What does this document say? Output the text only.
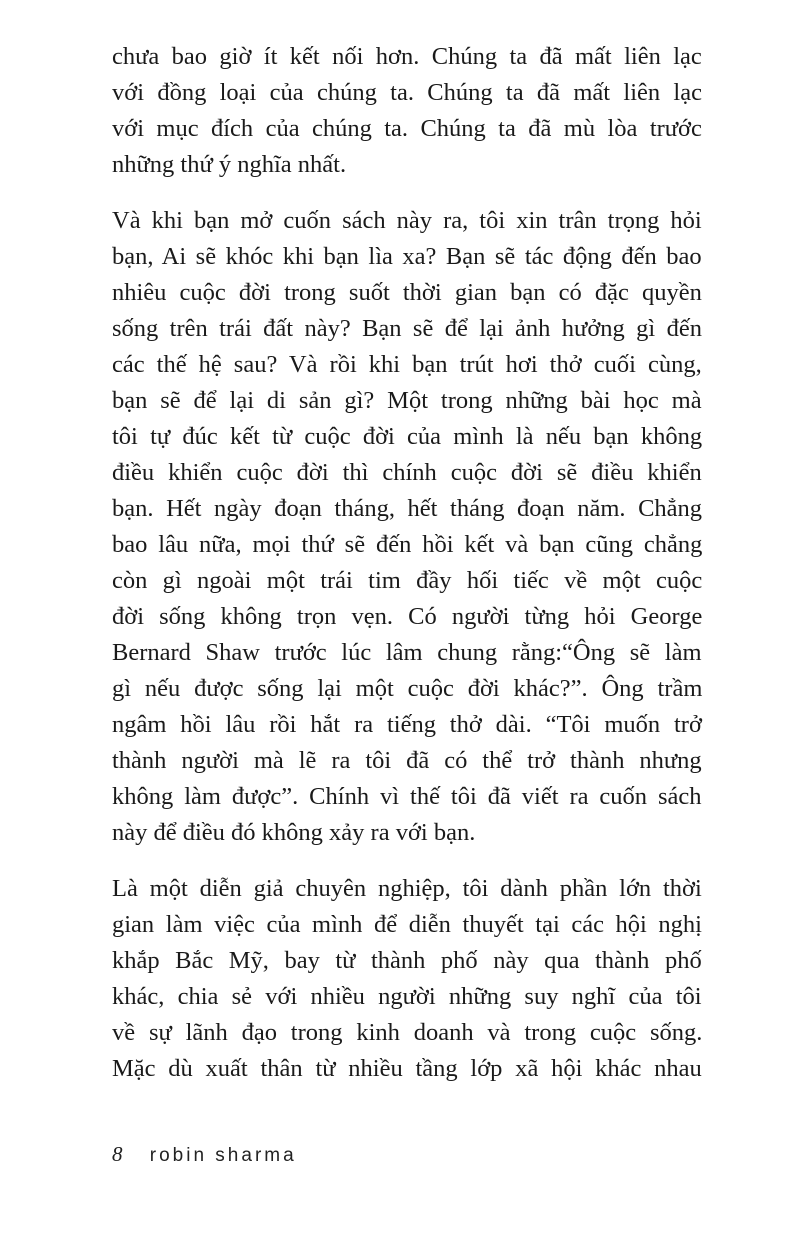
chưa bao giờ ít kết nối hơn. Chúng ta đã mất liên lạc
với đồng loại của chúng ta. Chúng ta đã mất liên lạc
với mục đích của chúng ta. Chúng ta đã mù lòa trước
những thứ ý nghĩa nhất.
Và khi bạn mở cuốn sách này ra, tôi xin trân trọng hỏi
bạn, Ai sẽ khóc khi bạn lìa xa? Bạn sẽ tác động đến bao
nhiêu cuộc đời trong suốt thời gian bạn có đặc quyền
sống trên trái đất này? Bạn sẽ để lại ảnh hưởng gì đến
các thế hệ sau? Và rồi khi bạn trút hơi thở cuối cùng,
bạn sẽ để lại di sản gì? Một trong những bài học mà
tôi tự đúc kết từ cuộc đời của mình là nếu bạn không
điều khiển cuộc đời thì chính cuộc đời sẽ điều khiển
bạn. Hết ngày đoạn tháng, hết tháng đoạn năm. Chẳng
bao lâu nữa, mọi thứ sẽ đến hồi kết và bạn cũng chẳng
còn gì ngoài một trái tim đầy hối tiếc về một cuộc
đời sống không trọn vẹn. Có người từng hỏi George
Bernard Shaw trước lúc lâm chung rằng:“Ông sẽ làm
gì nếu được sống lại một cuộc đời khác?”. Ông trầm
ngâm hồi lâu rồi hắt ra tiếng thở dài. “Tôi muốn trở
thành người mà lẽ ra tôi đã có thể trở thành nhưng
không làm được”. Chính vì thế tôi đã viết ra cuốn sách
này để điều đó không xảy ra với bạn.
Là một diễn giả chuyên nghiệp, tôi dành phần lớn thời
gian làm việc của mình để diễn thuyết tại các hội nghị
khắp Bắc Mỹ, bay từ thành phố này qua thành phố
khác, chia sẻ với nhiều người những suy nghĩ của tôi
về sự lãnh đạo trong kinh doanh và trong cuộc sống.
Mặc dù xuất thân từ nhiều tầng lớp xã hội khác nhau
8 robin sharma
